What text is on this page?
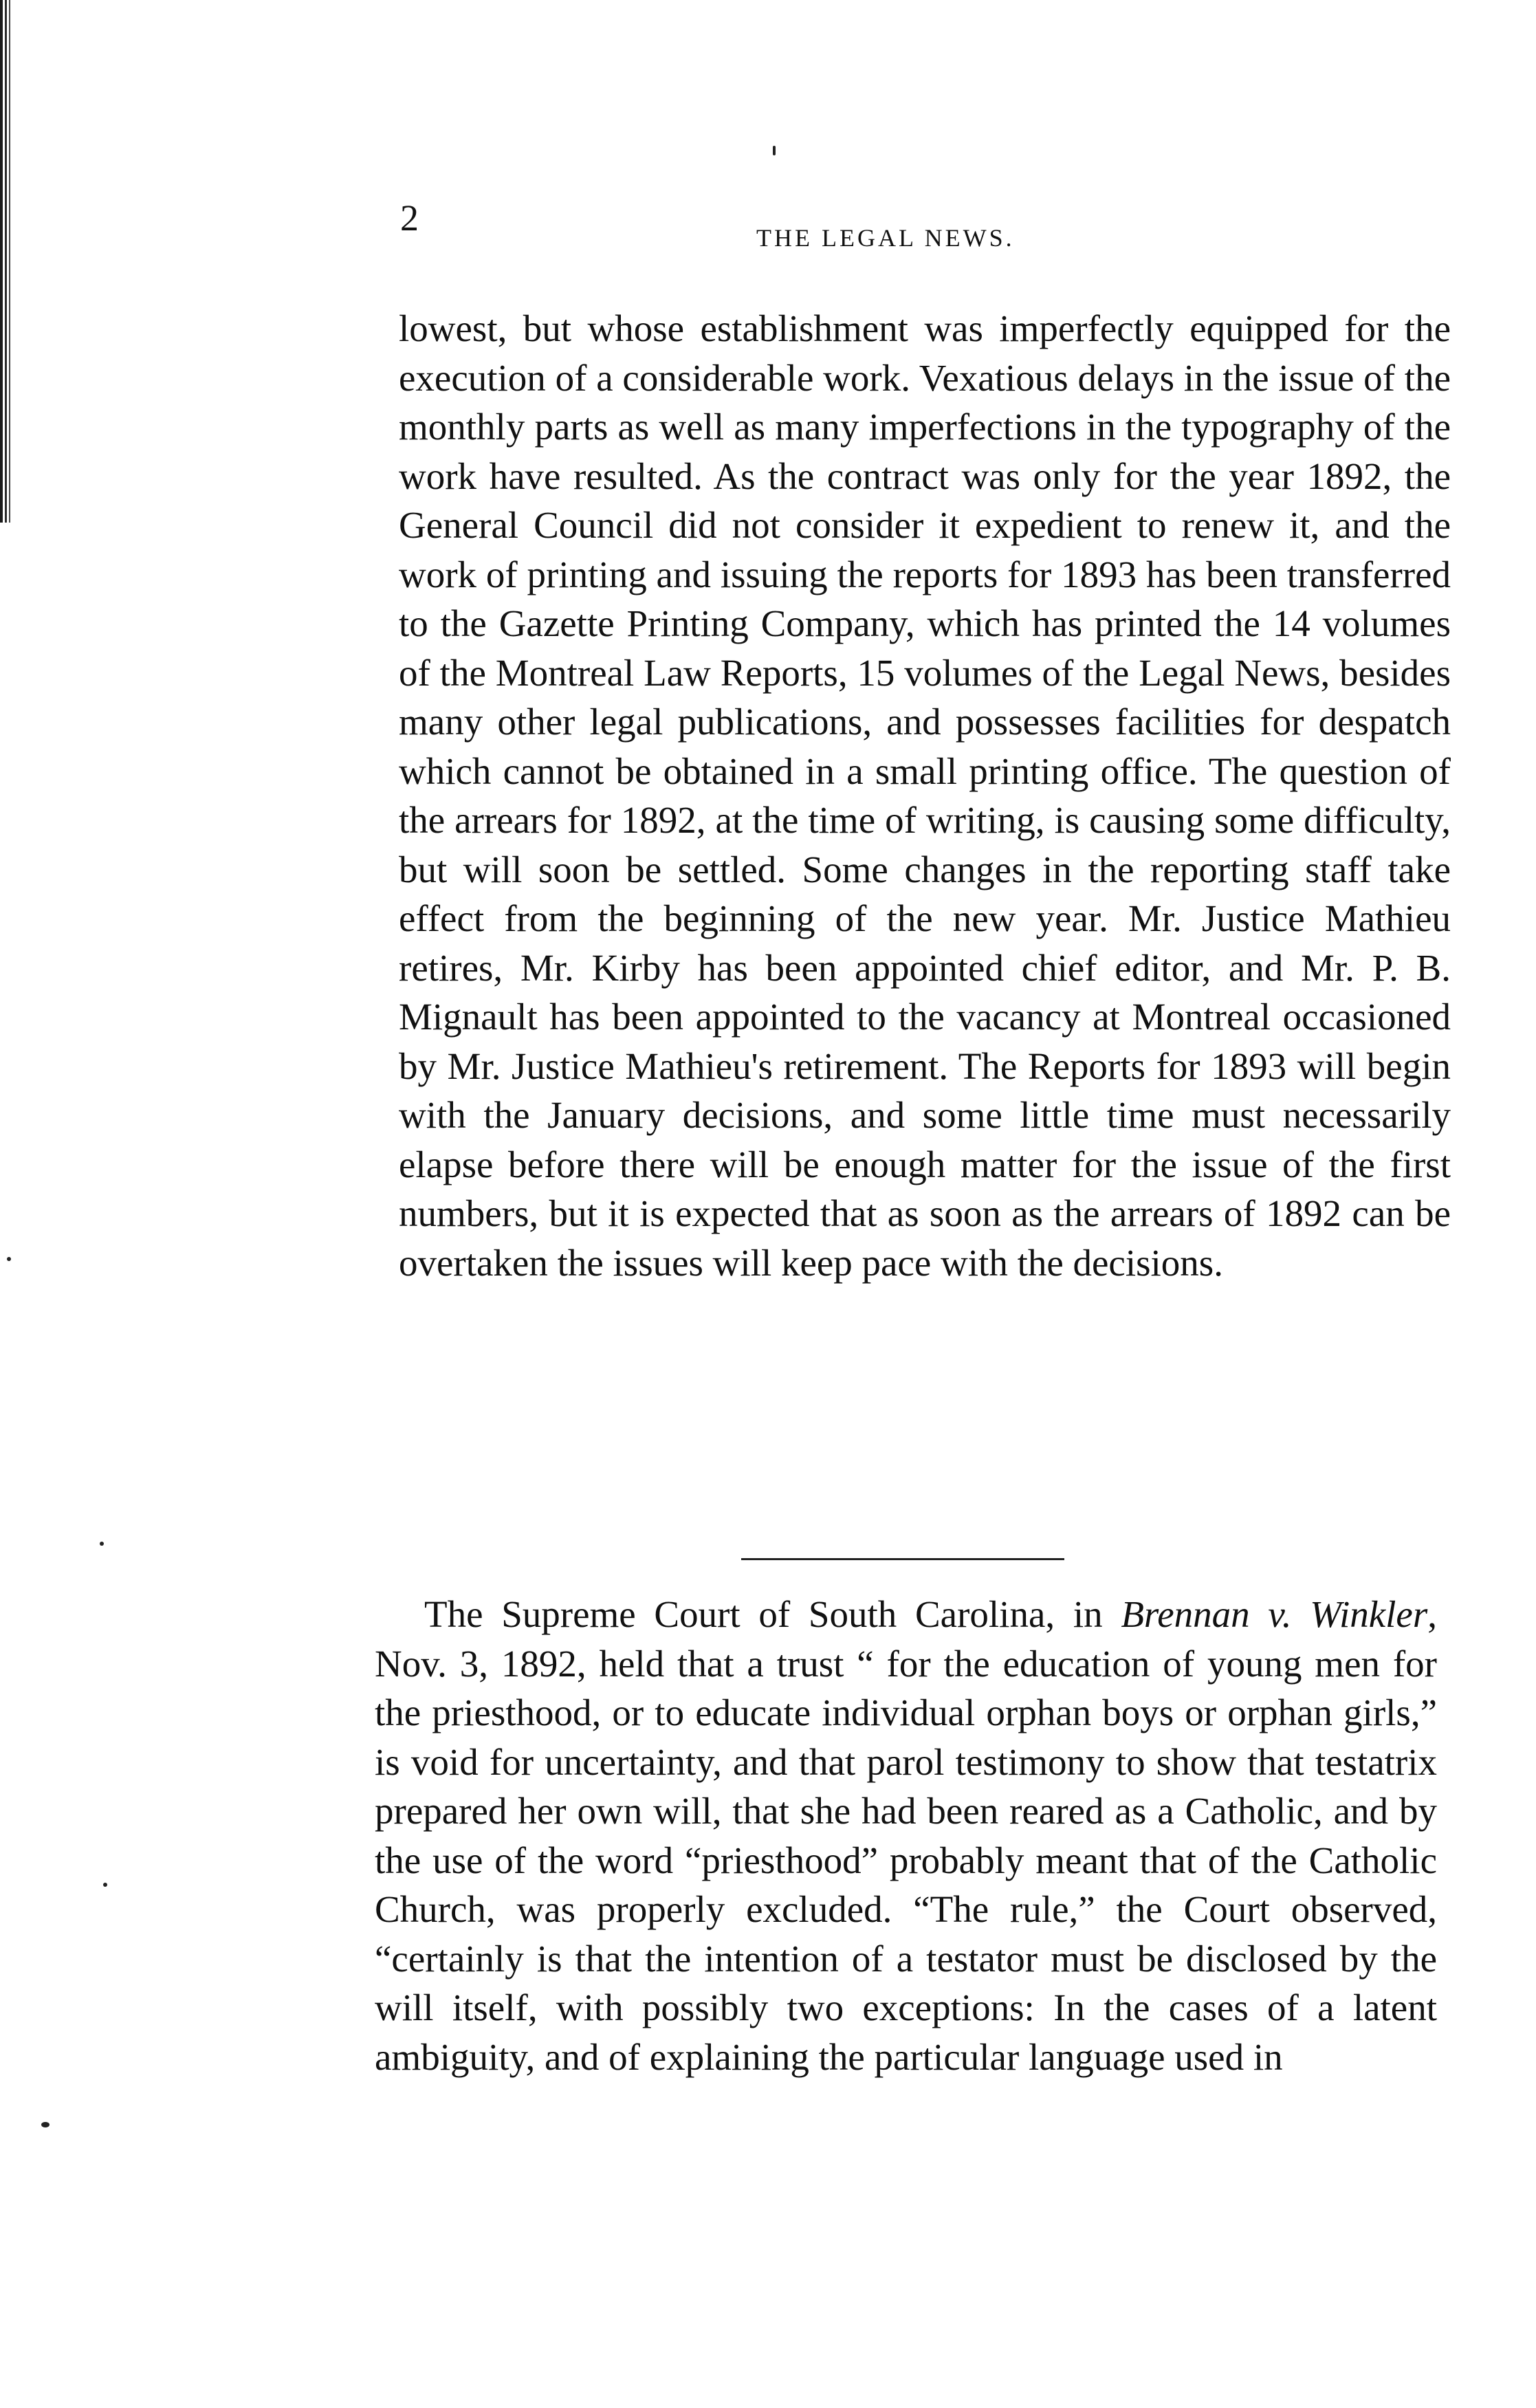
2	THE LEGAL NEWS.

lowest, but whose establishment was imperfectly equipped for the execution of a considerable work. Vexatious delays in the issue of the monthly parts as well as many imperfections in the typography of the work have resulted. As the contract was only for the year 1892, the General Council did not consider it expedient to renew it, and the work of printing and issuing the reports for 1893 has been transferred to the Gazette Printing Company, which has printed the 14 volumes of the Montreal Law Reports, 15 volumes of the Legal News, besides many other legal publications, and possesses facilities for despatch which cannot be obtained in a small printing office. The question of the arrears for 1892, at the time of writing, is causing some difficulty, but will soon be settled. Some changes in the reporting staff take effect from the beginning of the new year. Mr. Justice Mathieu retires, Mr. Kirby has been appointed chief editor, and Mr. P. B. Mignault has been appointed to the vacancy at Montreal occasioned by Mr. Justice Mathieu's retirement. The Reports for 1893 will begin with the January decisions, and some little time must necessarily elapse before there will be enough matter for the issue of the first numbers, but it is expected that as soon as the arrears of 1892 can be overtaken the issues will keep pace with the decisions.

The Supreme Court of South Carolina, in Brennan v. Winkler, Nov. 3, 1892, held that a trust “ for the education of young men for the priesthood, or to educate individual orphan boys or orphan girls,” is void for uncertainty, and that parol testimony to show that testatrix prepared her own will, that she had been reared as a Catholic, and by the use of the word “priesthood” probably meant that of the Catholic Church, was properly excluded. “The rule,” the Court observed, “certainly is that the intention of a testator must be disclosed by the will itself, with possibly two exceptions: In the cases of a latent ambiguity, and of explaining the particular language used in
